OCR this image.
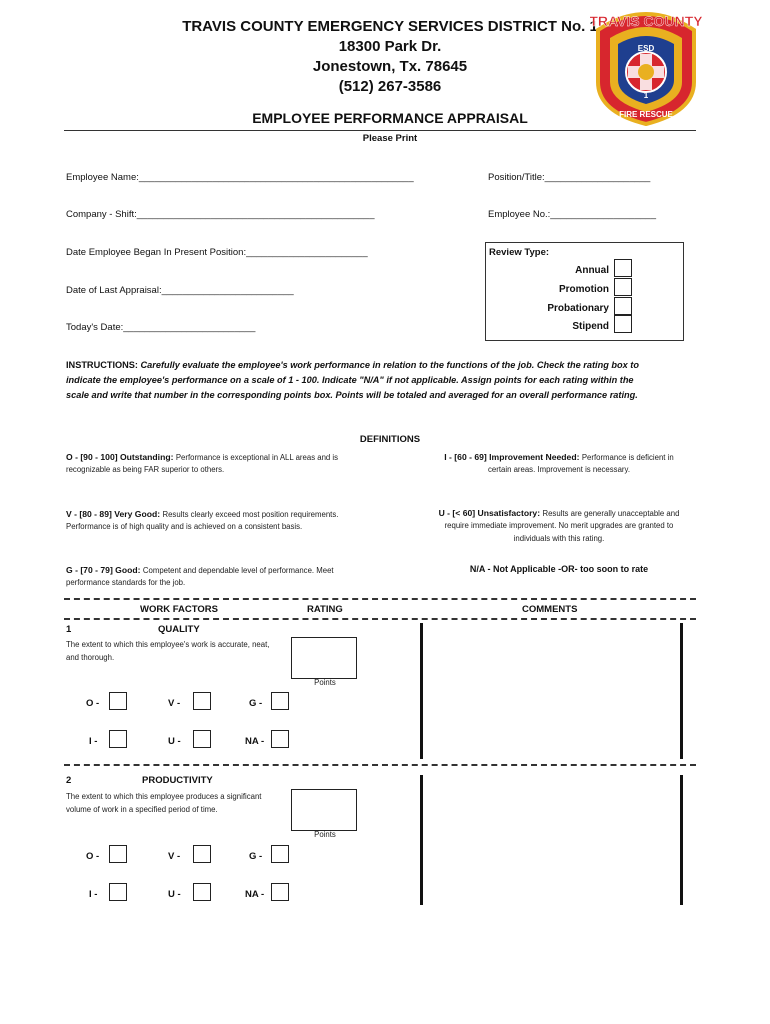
TRAVIS COUNTY EMERGENCY SERVICES DISTRICT No. 1
18300 Park Dr.
Jonestown, Tx. 78645
(512) 267-3586
TRAVIS COUNTY
ESD
1
FIRE RESCUE
EMPLOYEE PERFORMANCE APPRAISAL
Please Print
Employee Name:____________________________________________________	Position/Title:____________________
Company - Shift:_____________________________________________	Employee No.:____________________
Date Employee Began In Present Position:_______________________
Date of Last Appraisal:_________________________
Today's Date:_________________________
Review Type:
Annual
Promotion
Probationary
Stipend
INSTRUCTIONS: Carefully evaluate the employee's work performance in relation to the functions of the job. Check the rating box to
indicate the employee's performance on a scale of 1 - 100. Indicate "N/A" if not applicable. Assign points for each rating within the
scale and write that number in the corresponding points box. Points will be totaled and averaged for an overall performance rating.
DEFINITIONS
O - [90 - 100] Outstanding: Performance is exceptional in ALL areas and is
recognizable as being FAR superior to others.
V - [80 - 89] Very Good: Results clearly exceed most position requirements.
Performance is of high quality and is achieved on a consistent basis.
G - [70 - 79] Good: Competent and dependable level of performance. Meet
performance standards for the job.
I - [60 - 69] Improvement Needed: Performance is deficient in
certain areas. Improvement is necessary.
U - [< 60] Unsatisfactory: Results are generally unacceptable and
require immediate improvement. No merit upgrades are granted to
individuals with this rating.
N/A - Not Applicable -OR- too soon to rate
WORK FACTORS	RATING	COMMENTS
1	QUALITY
The extent to which this employee's work is accurate, neat,
and thorough.
Points
O -	V -	G -
I -	U -	NA -
2	PRODUCTIVITY
The extent to which this employee produces a significant
volume of work in a specified period of time.
Points
O -	V -	G -
I -	U -	NA -
